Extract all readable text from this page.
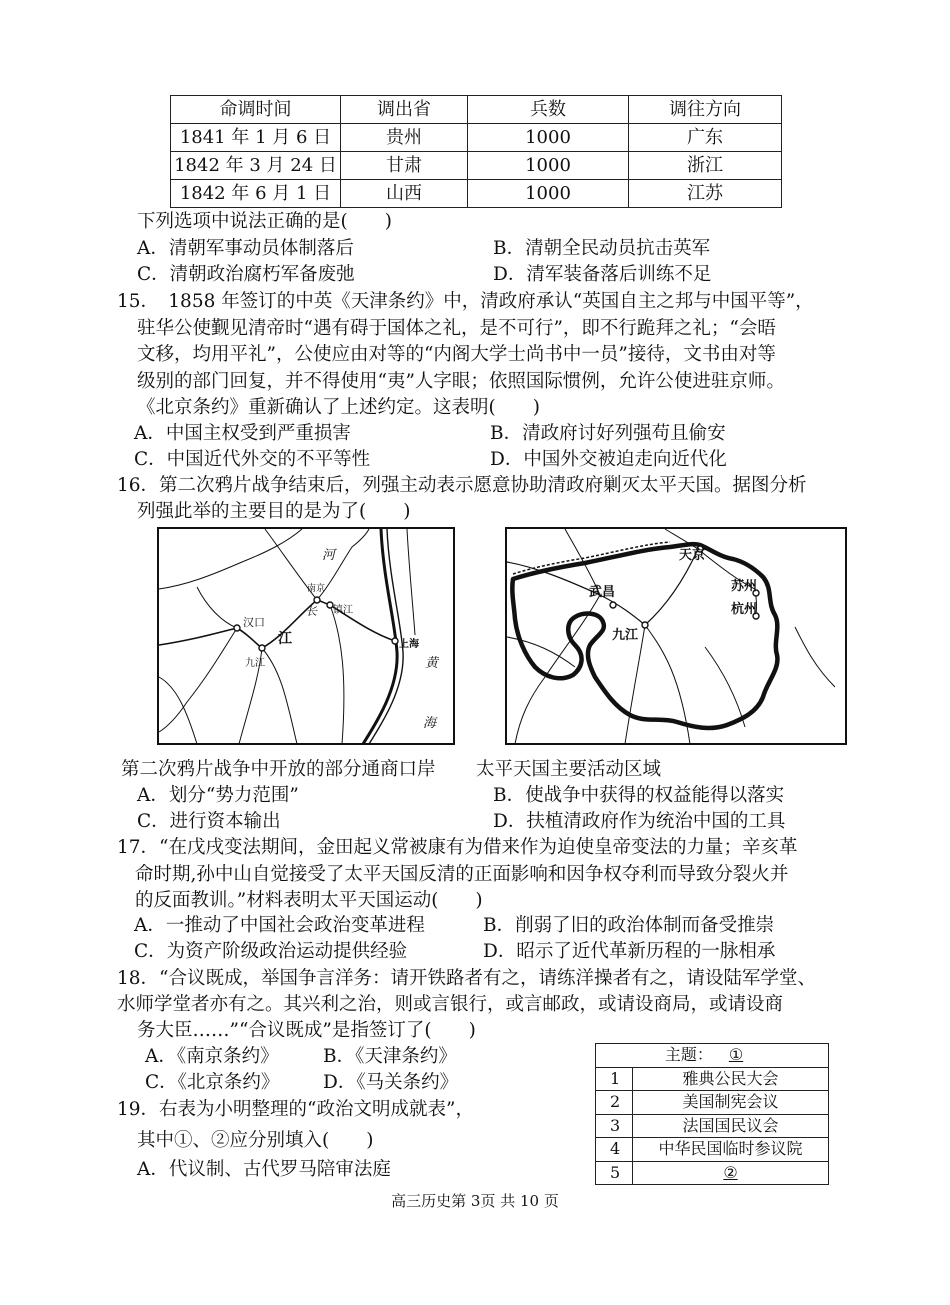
命调时间	调出省	兵数	调往方向
1841 年 1 月 6 日	贵州	1000	广东
1842 年 3 月 24 日	甘肃	1000	浙江
1842 年 6 月 1 日	山西	1000	江苏
下列选项中说法正确的是(　　)
A．清朝军事动员体制落后	B．清朝全民动员抗击英军
C．清朝政治腐朽军备废弛	D．清军装备落后训练不足
15．　1858 年签订的中英《天津条约》中，清政府承认“英国自主之邦与中国平等”，
驻华公使觐见清帝时“遇有碍于国体之礼，是不可行”，即不行跪拜之礼；“会晤
文移，均用平礼”，公使应由对等的“内阁大学士尚书中一员”接待，文书由对等
级别的部门回复，并不得使用“夷”人字眼；依照国际惯例，允许公使进驻京师。
《北京条约》重新确认了上述约定。这表明(　　)
A．中国主权受到严重损害	B．清政府讨好列强苟且偷安
C．中国近代外交的不平等性	D．中国外交被迫走向近代化
16．第二次鸦片战争结束后，列强主动表示愿意协助清政府剿灭太平天国。据图分析
列强此举的主要目的是为了(　　)
河
南京
长 镇江
汉口
江
九江
上海
黄
海
天京
武昌	苏州
杭州
九江
第二次鸦片战争中开放的部分通商口岸 太平天国主要活动区域
A．划分“势力范围”	B．使战争中获得的权益能得以落实
C．进行资本输出	D．扶植清政府作为统治中国的工具
17．“在戊戌变法期间，金田起义常被康有为借来作为迫使皇帝变法的力量；辛亥革
命时期,孙中山自觉接受了太平天国反清的正面影响和因争权夺利而导致分裂火并
的反面教训。”材料表明太平天国运动(　　)
A．一推动了中国社会政治变革进程	B．削弱了旧的政治体制而备受推崇
C．为资产阶级政治运动提供经验	D．昭示了近代革新历程的一脉相承
18．“合议既成，举国争言洋务：请开铁路者有之，请练洋操者有之，请设陆军学堂、
水师学堂者亦有之。其兴利之治，则或言银行，或言邮政，或请设商局，或请设商
务大臣……”“合议既成”是指签订了(　　)
A．《南京条约》 B．《天津条约》
C．《北京条约》 D．《马关条约》
主题： ①	
1	雅典公民大会
2	美国制宪会议
3	法国国民议会
4	中华民国临时参议院
5	②
19．右表为小明整理的“政治文明成就表”，
其中①、②应分别填入(　　)
A．代议制、古代罗马陪审法庭
高三历史第 3页 共 10 页
